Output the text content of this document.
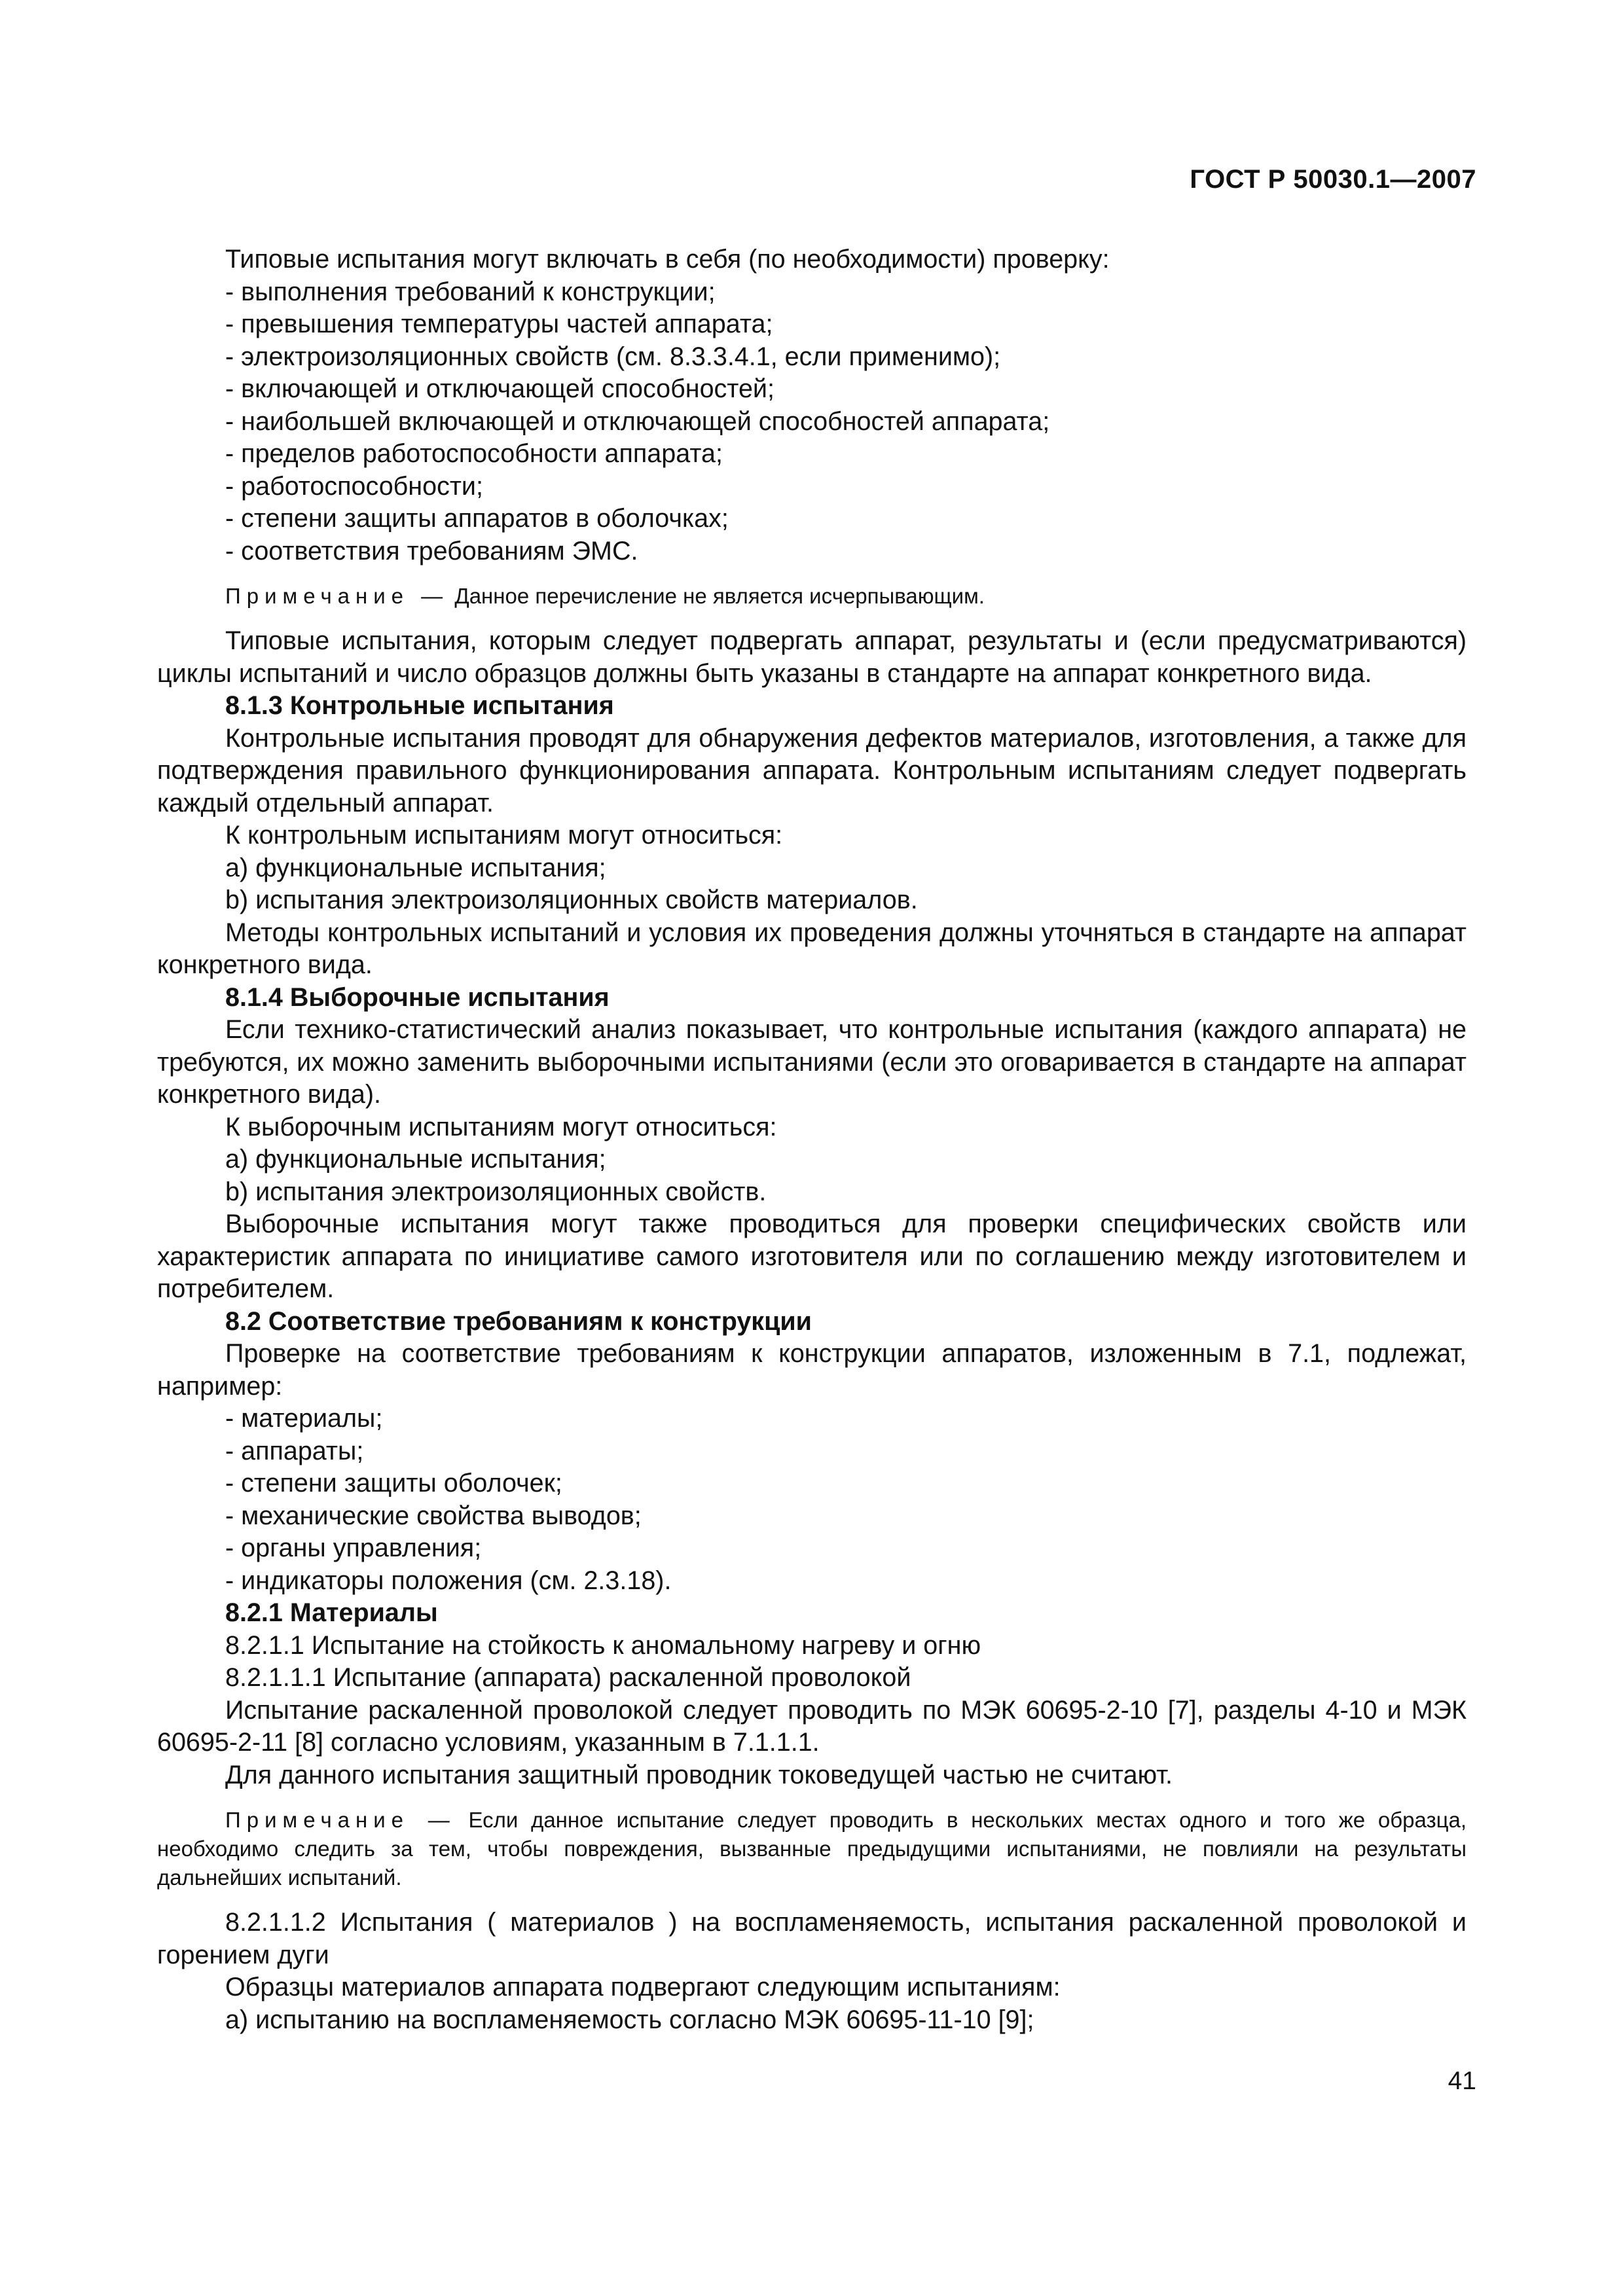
ГОСТ Р 50030.1—2007

Типовые испытания могут включать в себя (по необходимости) проверку:

- выполнения требований к конструкции;

- превышения температуры частей аппарата;

- электроизоляционных свойств (см. 8.3.3.4.1, если применимо);

- включающей и отключающей способностей;

- наибольшей включающей и отключающей способностей аппарата;

- пределов работоспособности аппарата;

- работоспособности;

- степени защиты аппаратов в оболочках;

- соответствия требованиям ЭМС.

Примечание — Данное перечисление не является исчерпывающим.

Типовые испытания, которым следует подвергать аппарат, результаты и (если предусматриваются) циклы испытаний и число образцов должны быть указаны в стандарте на аппарат конкретного вида.

8.1.3 Контрольные испытания

Контрольные испытания проводят для обнаружения дефектов материалов, изготовления, а также для подтверждения правильного функционирования аппарата. Контрольным испытаниям следует подвергать каждый отдельный аппарат.

К контрольным испытаниям могут относиться:

а) функциональные испытания;

b) испытания электроизоляционных свойств материалов.

Методы контрольных испытаний и условия их проведения должны уточняться в стандарте на аппарат конкретного вида.

8.1.4 Выборочные испытания

Если технико-статистический анализ показывает, что контрольные испытания (каждого аппарата) не требуются, их можно заменить выборочными испытаниями (если это оговаривается в стандарте на аппарат конкретного вида).

К выборочным испытаниям могут относиться:

а) функциональные испытания;

b) испытания электроизоляционных свойств.

Выборочные испытания могут также проводиться для проверки специфических свойств или характеристик аппарата по инициативе самого изготовителя или по соглашению между изготовителем и потребителем.

8.2 Соответствие требованиям к конструкции

Проверке на соответствие требованиям к конструкции аппаратов, изложенным в 7.1, подлежат, например:

- материалы;

- аппараты;

- степени защиты оболочек;

- механические свойства выводов;

- органы управления;

- индикаторы положения (см. 2.3.18).

8.2.1 Материалы

8.2.1.1 Испытание на стойкость к аномальному нагреву и огню

8.2.1.1.1 Испытание (аппарата) раскаленной проволокой

Испытание раскаленной проволокой следует проводить по МЭК 60695-2-10 [7], разделы 4-10 и МЭК 60695-2-11 [8] согласно условиям, указанным в 7.1.1.1.

Для данного испытания защитный проводник токоведущей частью не считают.

Примечание — Если данное испытание следует проводить в нескольких местах одного и того же образца, необходимо следить за тем, чтобы повреждения, вызванные предыдущими испытаниями, не повлияли на результаты дальнейших испытаний.

8.2.1.1.2 Испытания ( материалов ) на воспламеняемость, испытания раскаленной проволокой и горением дуги

Образцы материалов аппарата подвергают следующим испытаниям:

а) испытанию на воспламеняемость согласно МЭК 60695-11-10 [9];

41
